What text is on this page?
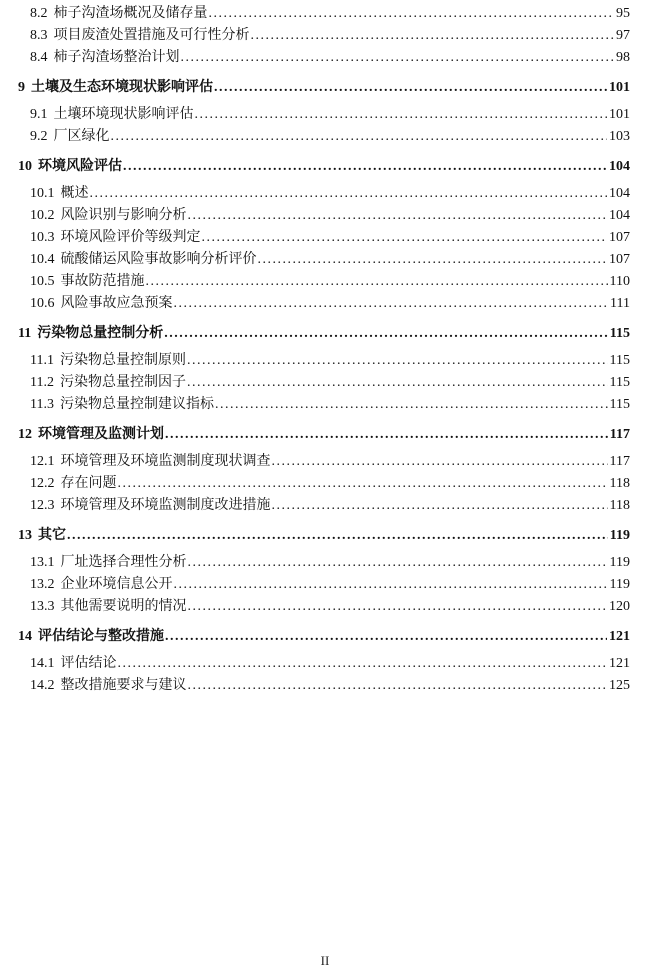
8.2 柿子沟渣场概况及储存量 .....	95
8.3 项目废渣处置措施及可行性分析 .....	97
8.4 柿子沟渣场整治计划 .....	98
9 土壤及生态环境现状影响评估 .....	101
9.1 土壤环境现状影响评估 .....	101
9.2 厂区绿化 .....	103
10 环境风险评估 .....	104
10.1 概述 .....	104
10.2 风险识别与影响分析 .....	104
10.3 环境风险评价等级判定 .....	107
10.4 硫酸储运风险事故影响分析评价 .....	107
10.5 事故防范措施 .....	110
10.6 风险事故应急预案 .....	111
11 污染物总量控制分析 .....	115
11.1 污染物总量控制原则 .....	115
11.2 污染物总量控制因子 .....	115
11.3 污染物总量控制建议指标 .....	115
12 环境管理及监测计划 .....	117
12.1 环境管理及环境监测制度现状调查 .....	117
12.2 存在问题 .....	118
12.3 环境管理及环境监测制度改进措施 .....	118
13 其它 .....	119
13.1 厂址选择合理性分析 .....	119
13.2 企业环境信息公开 .....	119
13.3 其他需要说明的情况 .....	120
14 评估结论与整改措施 .....	121
14.1 评估结论 .....	121
14.2 整改措施要求与建议 .....	125
II
